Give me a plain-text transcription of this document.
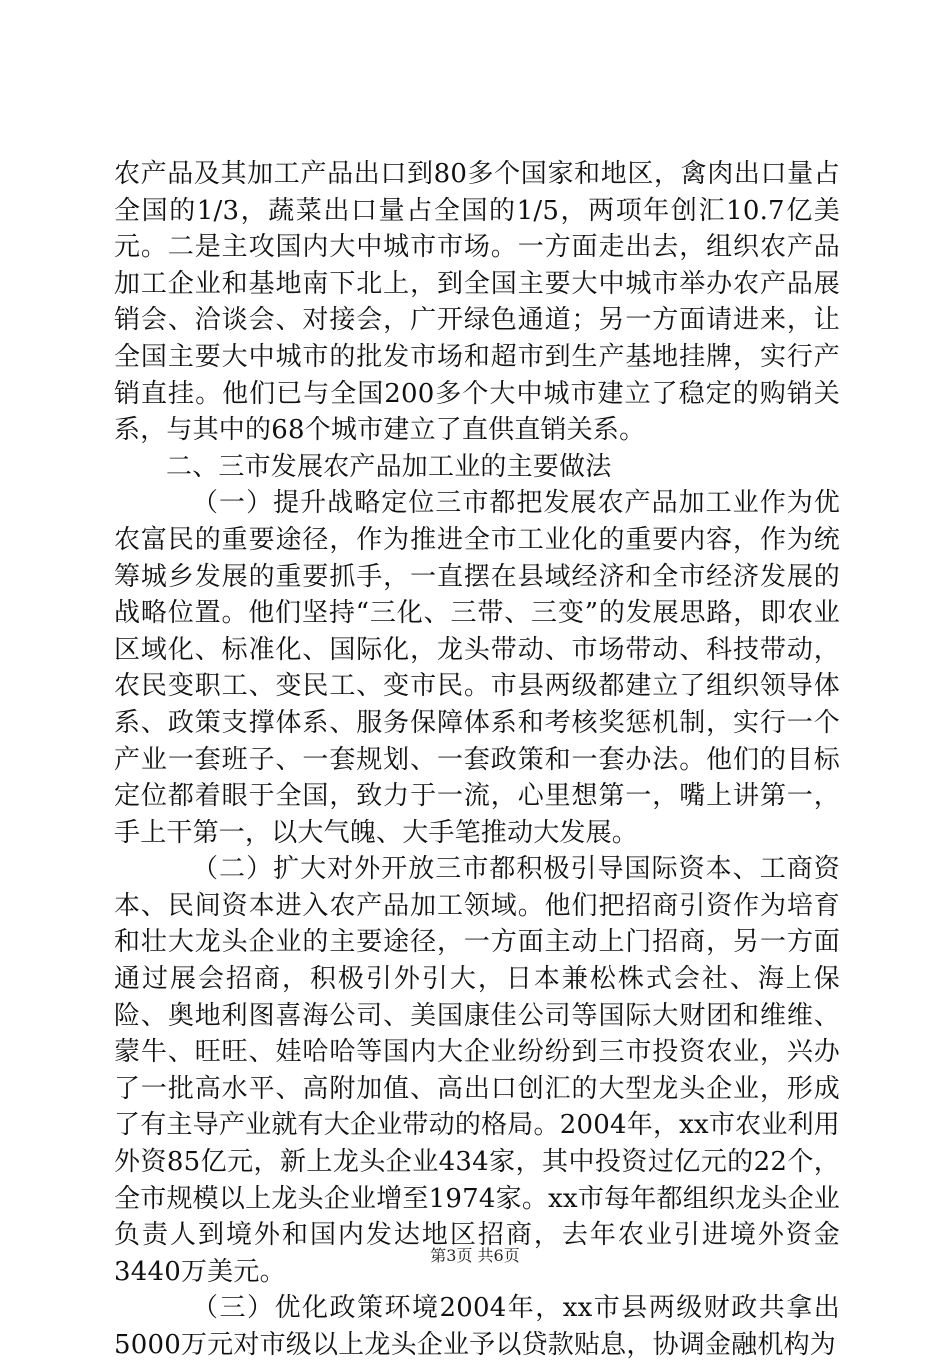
农产品及其加工产品出口到80多个国家和地区，禽肉出口量占全国的1/3，蔬菜出口量占全国的1/5，两项年创汇10.7亿美元。二是主攻国内大中城市市场。一方面走出去，组织农产品加工企业和基地南下北上，到全国主要大中城市举办农产品展销会、洽谈会、对接会，广开绿色通道；另一方面请进来，让全国主要大中城市的批发市场和超市到生产基地挂牌，实行产销直挂。他们已与全国200多个大中城市建立了稳定的购销关系，与其中的68个城市建立了直供直销关系。

二、三市发展农产品加工业的主要做法

（一）提升战略定位三市都把发展农产品加工业作为优农富民的重要途径，作为推进全市工业化的重要内容，作为统筹城乡发展的重要抓手，一直摆在县域经济和全市经济发展的战略位置。他们坚持“三化、三带、三变”的发展思路，即农业区域化、标准化、国际化，龙头带动、市场带动、科技带动，农民变职工、变民工、变市民。市县两级都建立了组织领导体系、政策支撑体系、服务保障体系和考核奖惩机制，实行一个产业一套班子、一套规划、一套政策和一套办法。他们的目标定位都着眼于全国，致力于一流，心里想第一，嘴上讲第一，手上干第一，以大气魄、大手笔推动大发展。

（二）扩大对外开放三市都积极引导国际资本、工商资本、民间资本进入农产品加工领域。他们把招商引资作为培育和壮大龙头企业的主要途径，一方面主动上门招商，另一方面通过展会招商，积极引外引大，日本兼松株式会社、海上保险、奥地利图喜海公司、美国康佳公司等国际大财团和维维、蒙牛、旺旺、娃哈哈等国内大企业纷纷到三市投资农业，兴办了一批高水平、高附加值、高出口创汇的大型龙头企业，形成了有主导产业就有大企业带动的格局。2004年，xx市农业利用外资85亿元，新上龙头企业434家，其中投资过亿元的22个，全市规模以上龙头企业增至1974家。xx市每年都组织龙头企业负责人到境外和国内发达地区招商，去年农业引进境外资金3440万美元。

（三）优化政策环境2004年，xx市县两级财政共拿出5000万元对市级以上龙头企业予以贷款贴息，协调金融机构为

第3页 共6页
